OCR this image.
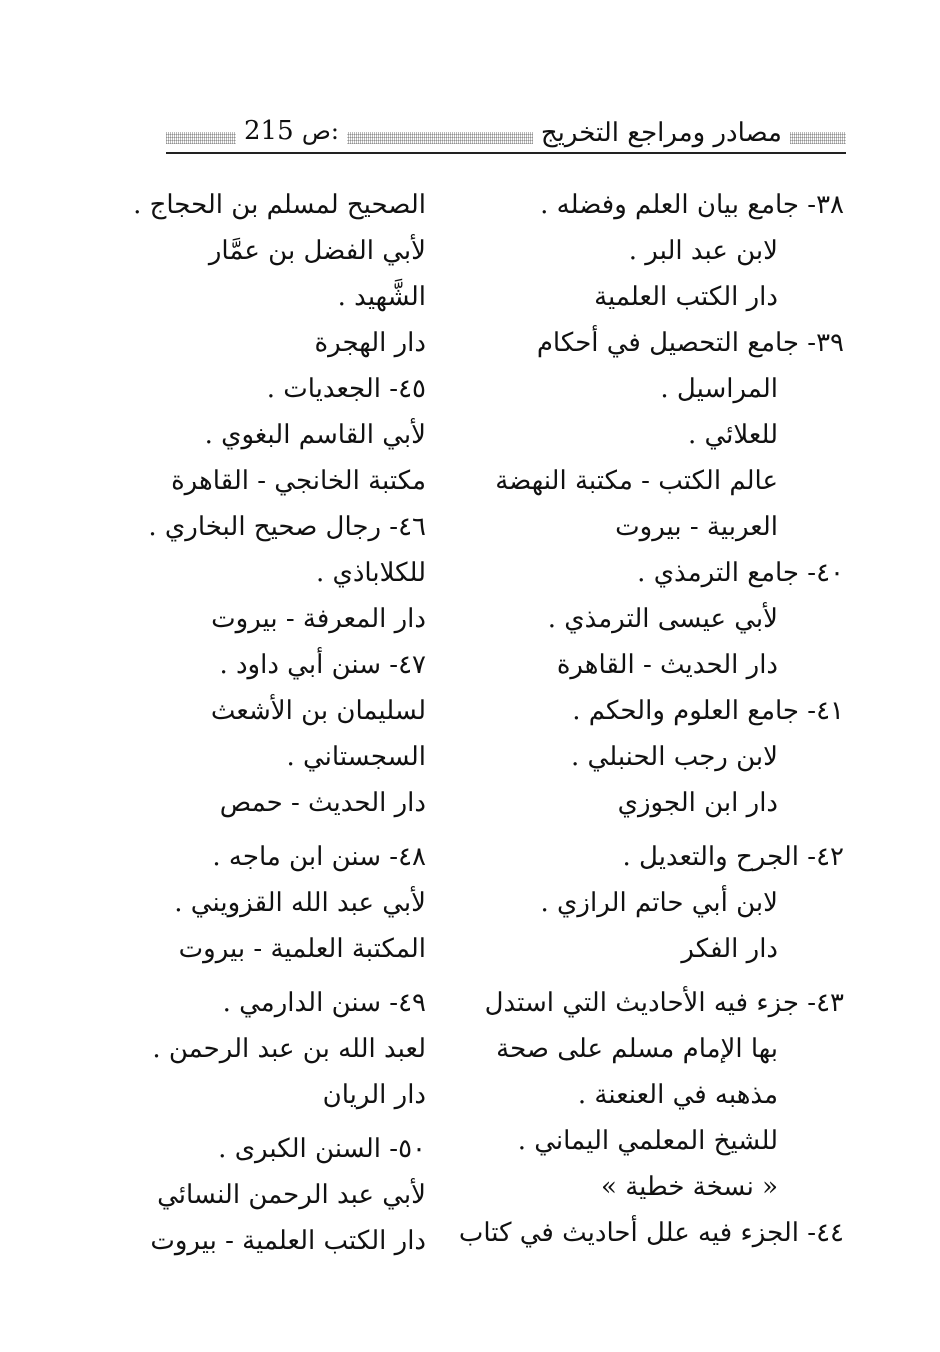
مصادر ومراجع التخريج
215 ص:
٣٨- جامع بيان العلم وفضله .
لابن عبد البر .
دار الكتب العلمية
٣٩- جامع التحصيل في أحكام
المراسيل .
للعلائي .
عالم الكتب - مكتبة النهضة
العربية - بيروت
٤٠- جامع الترمذي .
لأبي عيسى الترمذي .
دار الحديث - القاهرة
٤١- جامع العلوم والحكم .
لابن رجب الحنبلي .
دار ابن الجوزي
٤٢- الجرح والتعديل .
لابن أبي حاتم الرازي .
دار الفكر
٤٣- جزء فيه الأحاديث التي استدل
بها الإمام مسلم على صحة
مذهبه في العنعنة .
للشيخ المعلمي اليماني .
« نسخة خطية »
٤٤- الجزء فيه علل أحاديث في كتاب
الصحيح لمسلم بن الحجاج .
لأبي الفضل بن عمَّار
الشَّهيد .
دار الهجرة
٤٥- الجعديات .
لأبي القاسم البغوي .
مكتبة الخانجي - القاهرة
٤٦- رجال صحيح البخاري .
للكلاباذي .
دار المعرفة - بيروت
٤٧- سنن أبي داود .
لسليمان بن الأشعث
السجستاني .
دار الحديث - حمص
٤٨- سنن ابن ماجه .
لأبي عبد الله القزويني .
المكتبة العلمية - بيروت
٤٩- سنن الدارمي .
لعبد الله بن عبد الرحمن .
دار الريان
٥٠- السنن الكبرى .
لأبي عبد الرحمن النسائي
دار الكتب العلمية - بيروت
